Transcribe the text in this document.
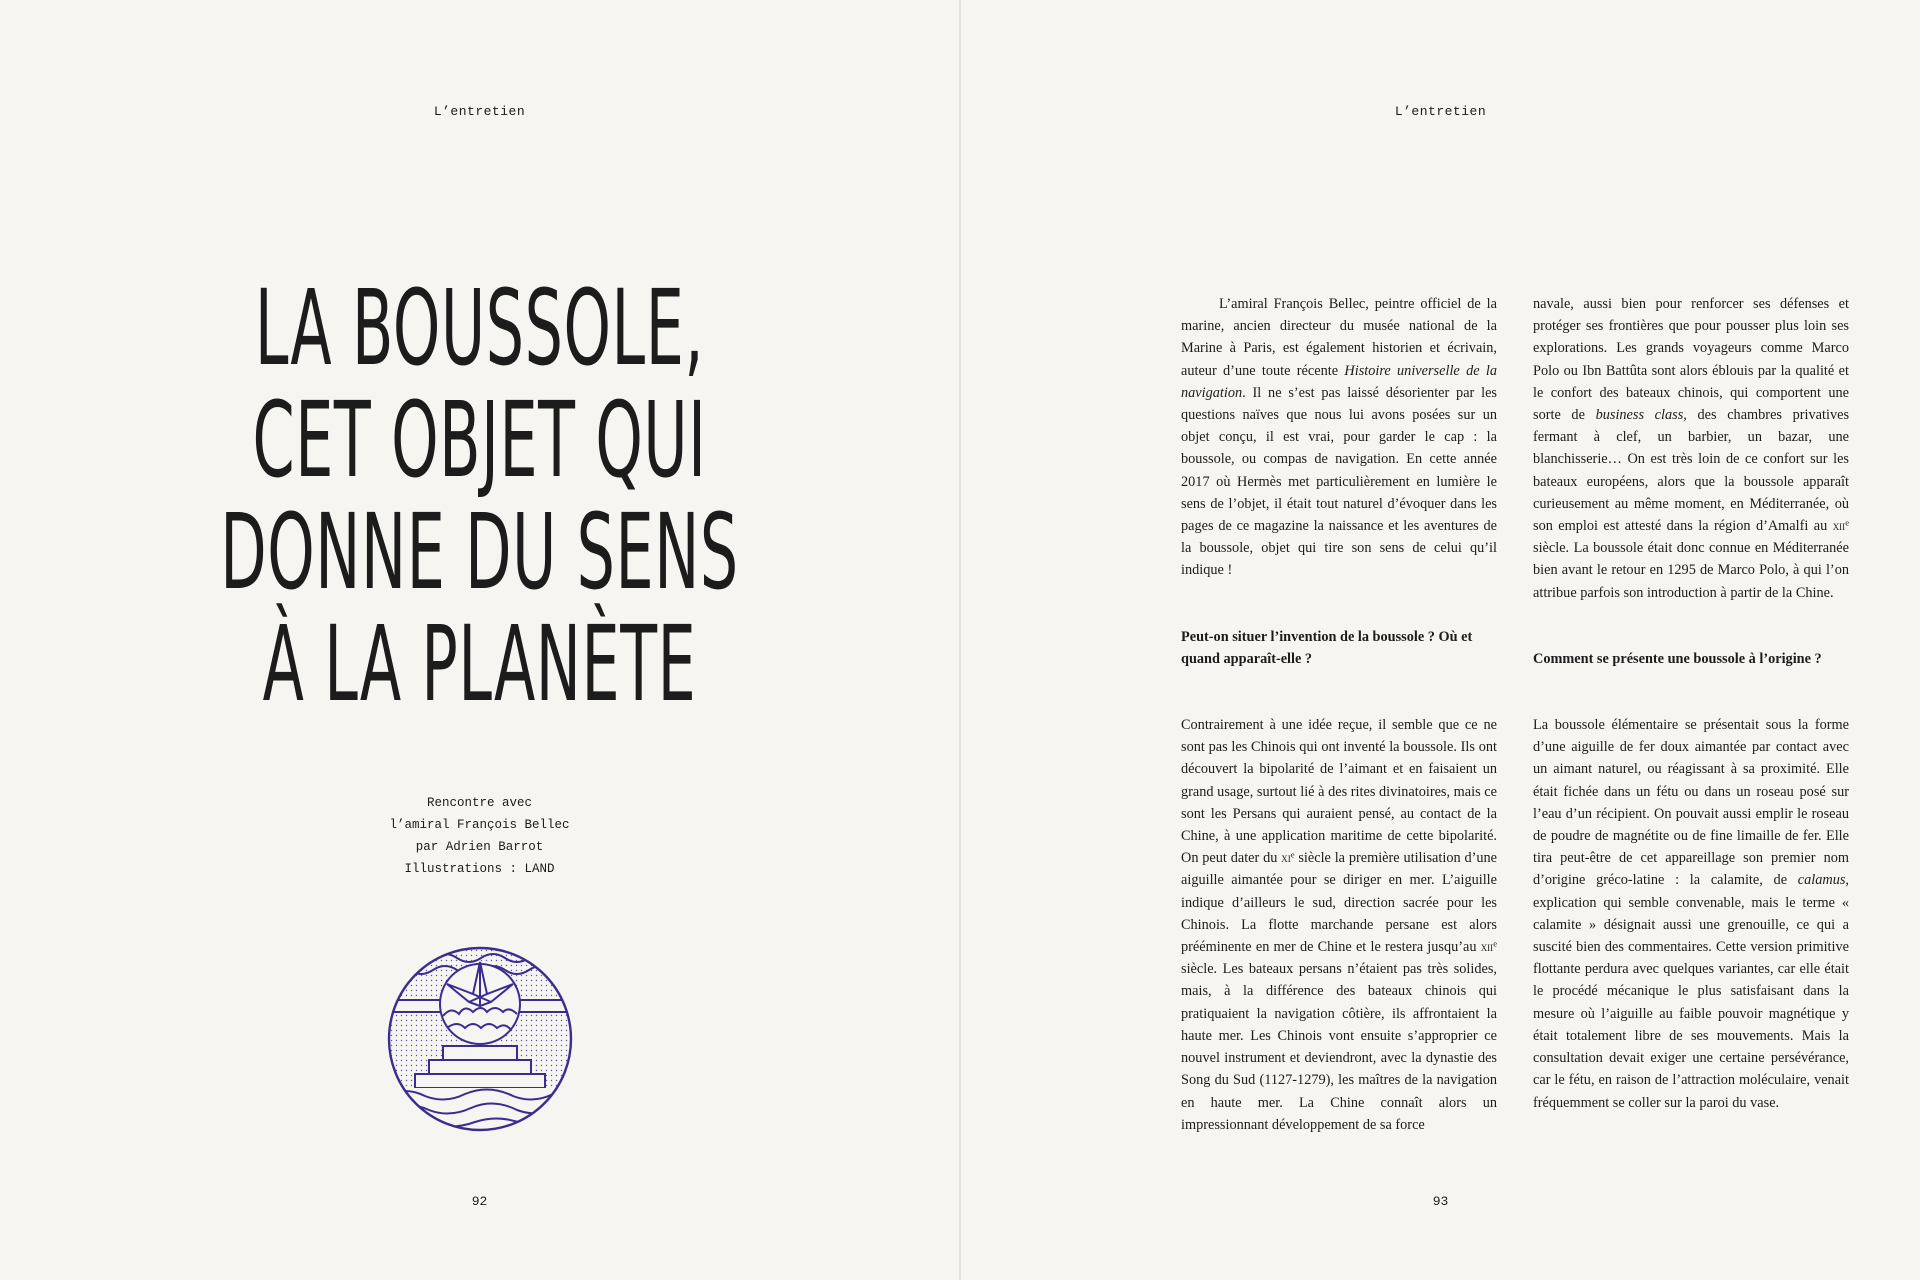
L’entretien
LA BOUSSOLE,
CET OBJET QUI
DONNE DU SENS
À LA PLANÈTE
Rencontre avec
l’amiral François Bellec
par Adrien Barrot
Illustrations : LAND
92
L’entretien

L’amiral François Bellec, peintre officiel de la marine, ancien directeur du musée national de la Marine à Paris, est également historien et écrivain, auteur d’une toute récente Histoire universelle de la navigation. Il ne s’est pas laissé désorienter par les questions naïves que nous lui avons posées sur un objet conçu, il est vrai, pour garder le cap : la boussole, ou compas de navigation. En cette année 2017 où Hermès met particulièrement en lumière le sens de l’objet, il était tout naturel d’évoquer dans les pages de ce magazine la naissance et les aventures de la boussole, objet qui tire son sens de celui qu’il indique !

Peut-on situer l’invention de la boussole ? Où et quand apparaît-elle ?

Contrairement à une idée reçue, il semble que ce ne sont pas les Chinois qui ont inventé la boussole. Ils ont découvert la bipolarité de l’aimant et en faisaient un grand usage, surtout lié à des rites divinatoires, mais ce sont les Persans qui auraient pensé, au contact de la Chine, à une application maritime de cette bipolarité. On peut dater du $xi^e$ siècle la première utilisation d’une aiguille aimantée pour se diriger en mer. L’aiguille indique d’ailleurs le sud, direction sacrée pour les Chinois. La flotte marchande persane est alors prééminente en mer de Chine et le restera jusqu’au xii$^e$ siècle. Les bateaux persans n’étaient pas très solides, mais, à la différence des bateaux chinois qui pratiquaient la navigation côtière, ils affrontaient la haute mer. Les Chinois vont ensuite s’approprier ce nouvel instrument et deviendront, avec la dynastie des Song du Sud (1127-1279), les maîtres de la navigation en haute mer. La Chine connaît alors un impressionnant développement de sa force

navale, aussi bien pour renforcer ses défenses et protéger ses frontières que pour pousser plus loin ses explorations. Les grands voyageurs comme Marco Polo ou Ibn Battûta sont alors éblouis par la qualité et le confort des bateaux chinois, qui comportent une sorte de business class, des chambres privatives fermant à clef, un barbier, un bazar, une blanchisserie… On est très loin de ce confort sur les bateaux européens, alors que la boussole apparaît curieusement au même moment, en Méditerranée, où son emploi est attesté dans la région d’Amalfi au xii$^e$ siècle. La boussole était donc connue en Méditerranée bien avant le retour en 1295 de Marco Polo, à qui l’on attribue parfois son introduction à partir de la Chine.

Comment se présente une boussole à l’origine ?

La boussole élémentaire se présentait sous la forme d’une aiguille de fer doux aimantée par contact avec un aimant naturel, ou réagissant à sa proximité. Elle était fichée dans un fétu ou dans un roseau posé sur l’eau d’un récipient. On pouvait aussi emplir le roseau de poudre de magnétite ou de fine limaille de fer. Elle tira peut-être de cet appareillage son premier nom d’origine gréco-latine : la calamite, de calamus, explication qui semble convenable, mais le terme « calamite » désignait aussi une grenouille, ce qui a suscité bien des commentaires. Cette version primitive flottante perdura avec quelques variantes, car elle était le procédé mécanique le plus satisfaisant dans la mesure où l’aiguille au faible pouvoir magnétique y était totalement libre de ses mouvements. Mais la consultation devait exiger une certaine persévérance, car le fétu, en raison de l’attraction moléculaire, venait fréquemment se coller sur la paroi du vase.

93
